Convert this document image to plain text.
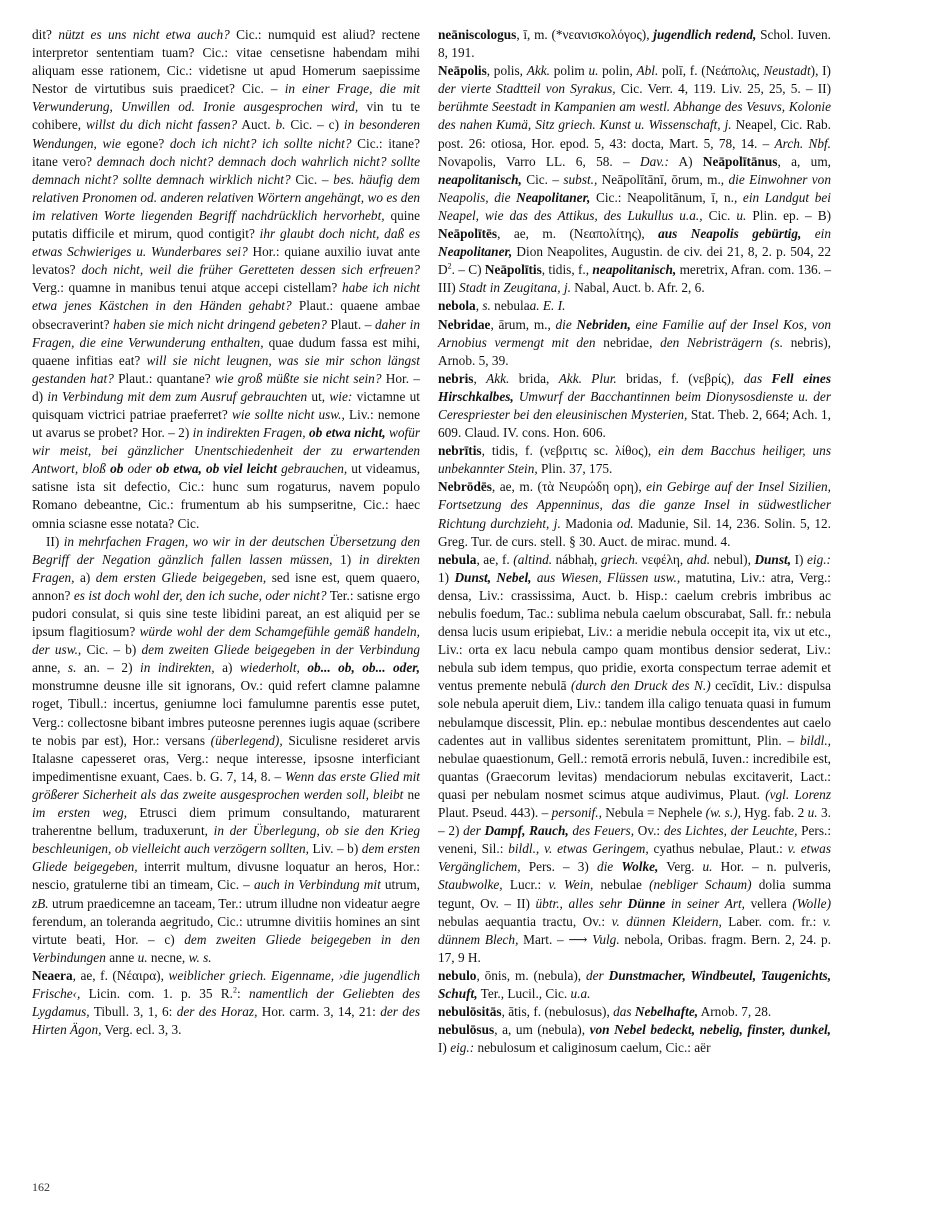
dit? nützt es uns nicht etwa auch? Cic.: numquid est aliud? rectene interpretor sententiam tuam? Cic.: vitae censetisne habendam mihi aliquam esse rationem, Cic.: videtisne ut apud Homerum saepissime Nestor de virtutibus suis praedicet? Cic. – in einer Frage, die mit Verwunderung, Unwillen od. Ironie ausgesprochen wird, vin tu te cohibere, willst du dich nicht fassen? Auct. b. Cic. – c) in besonderen Wendungen, wie egone? doch ich nicht? ich sollte nicht? Cic.: itane? itane vero? demnach doch nicht? demnach doch wahrlich nicht? sollte demnach nicht? sollte demnach wirklich nicht? Cic. – bes. häufig dem relativen Pronomen od. anderen relativen Wörtern angehängt, wo es den im relativen Worte liegenden Begriff nachdrücklich hervorhebt, quine putatis difficile et mirum, quod contigit? ihr glaubt doch nicht, daß es etwas Schwieriges u. Wunderbares sei? Hor.: quiane auxilio iuvat ante levatos? doch nicht, weil die früher Geretteten dessen sich erfreuen? Verg.: quamne in manibus tenui atque accepi cistellam? habe ich nicht etwa jenes Kästchen in den Händen gehabt? Plaut.: quaene ambae obsecraverint? haben sie mich nicht dringend gebeten? Plaut. – daher in Fragen, die eine Verwunderung enthalten, quae dudum fassa est mihi, quaene infitias eat? will sie nicht leugnen, was sie mir schon längst gestanden hat? Plaut.: quantane? wie groß müßte sie nicht sein? Hor. – d) in Verbindung mit dem zum Ausruf gebrauchten ut, wie: victamne ut quisquam victrici patriae praeferret? wie sollte nicht usw., Liv.: nemone ut avarus se probet? Hor. – 2) in indirekten Fragen, ob etwa nicht, wofür wir meist, bei gänzlicher Unentschiedenheit der zu erwartenden Antwort, bloß ob oder ob etwa, ob viel leicht gebrauchen, ut videamus, satisne ista sit defectio, Cic.: hunc sum rogaturus, navem populo Romano debeantne, Cic.: frumentum ab his sumpseritne, Cic.: haec omnia sciasne esse notata? Cic.

II) in mehrfachen Fragen, wo wir in der deutschen Übersetzung den Begriff der Negation gänzlich fallen lassen müssen, 1) in direkten Fragen, a) dem ersten Gliede beigegeben, sed isne est, quem quaero, annon? es ist doch wohl der, den ich suche, oder nicht? Ter.: satisne ergo pudori consulat, si quis sine teste libidini pareat, an est aliquid per se ipsum flagitiosum? würde wohl der dem Schamgefühle gemäß handeln, der usw., Cic. – b) dem zweiten Gliede beigegeben in der Verbindung anne, s. an. – 2) in indirekten, a) wiederholt, ob... ob, ob... oder, monstrumne deusne ille sit ignorans, Ov.: quid refert clamne palamne roget, Tibull.: incertus, geniumne loci famulumne parentis esse putet, Verg.: collectosne bibant imbres puteosne perennes iugis aquae (scribere te nobis par est), Hor.: versans (überlegend), Siculisne resideret arvis Italasne capesseret oras, Verg.: neque interesse, ipsosne interficiant impedimentisne exuant, Caes. b. G. 7, 14, 8. – Wenn das erste Glied mit größerer Sicherheit als das zweite ausgesprochen werden soll, bleibt ne im ersten weg, Etrusci diem primum consultando, maturarent traherentne bellum, traduxerunt, in der Überlegung, ob sie den Krieg beschleunigen, ob vielleicht auch verzögern sollten, Liv. – b) dem ersten Gliede beigegeben, interrit multum, divusne loquatur an heros, Hor.: nescio, gratulerne tibi an timeam, Cic. – auch in Verbindung mit utrum, zB. utrum praedicemne an taceam, Ter.: utrum illudne non videatur aegre ferendum, an toleranda aegritudo, Cic.: utrumne divitiis homines an sint virtute beati, Hor. – c) dem zweiten Gliede beigegeben in den Verbindungen anne u. necne, w. s.

Neaera, ae, f. (Νέαιρα), weiblicher griech. Eigenname, ›die jugendlich Frische‹, Licin. com. 1. p. 35 R.$^2$: namentlich der Geliebten des Lygdamus, Tibull. 3, 1, 6: der des Horaz, Hor. carm. 3, 14, 21: der des Hirten Ägon, Verg. ecl. 3, 3.

neāniscologus, ī, m. (*νεανισκολόγος), jugendlich redend, Schol. Iuven. 8, 191.

Neāpolis, polis, Akk. polim u. polin, Abl. polī, f. (Νεάπολις, Neustadt), I) der vierte Stadtteil von Syrakus, Cic. Verr. 4, 119. Liv. 25, 25, 5. – II) berühmte Seestadt in Kampanien am westl. Abhange des Vesuvs, Kolonie des nahen Kumä, Sitz griech. Kunst u. Wissenschaft, j. Neapel, Cic. Rab. post. 26: otiosa, Hor. epod. 5, 43: docta, Mart. 5, 78, 14. – Arch. Nbf. Novapolis, Varro LL. 6, 58. – Dav.: A) Neāpolītānus, a, um, neapolitanisch, Cic. – subst., Neāpolītānī, ōrum, m., die Einwohner von Neapolis, die Neapolitaner, Cic.: Neapolitānum, ī, n., ein Landgut bei Neapel, wie das des Attikus, des Lukullus u.a., Cic. u. Plin. ep. – B) Neāpolītēs, ae, m. (Νεαπολίτης), aus Neapolis gebürtig, ein Neapolitaner, Dion Neapolites, Augustin. de civ. dei 21, 8, 2. p. 504, 22 $D^2$. – C) Neāpolītis, tidis, f., neapolitanisch, meretrix, Afran. com. 136. – III) Stadt in Zeugitana, j. Nabal, Auct. b. Afr. 2, 6.

nebola, s. nebulaa. E. I.

Nebridae, ārum, m., die Nebriden, eine Familie auf der Insel Kos, von Arnobius vermengt mit den nebridae, den Nebristrägern (s. nebris), Arnob. 5, 39.

nebris, Akk. brida, Akk. Plur. bridas, f. (νεβρίς), das Fell eines Hirschkalbes, Umwurf der Bacchantinnen beim Dionysosdienste u. der Cerespriester bei den eleusinischen Mysterien, Stat. Theb. 2, 664; Ach. 1, 609. Claud. IV. cons. Hon. 606.

nebrītis, tidis, f. (νεβριτις sc. λίθος), ein dem Bacchus heiliger, uns unbekannter Stein, Plin. 37, 175.

Nebrōdēs, ae, m. (τὰ Νευρώδη ορη), ein Gebirge auf der Insel Sizilien, Fortsetzung des Appenninus, das die ganze Insel in südwestlicher Richtung durchzieht, j. Madonia od. Madunie, Sil. 14, 236. Solin. 5, 12. Greg. Tur. de curs. stell. § 30. Auct. de mirac. mund. 4.

nebula, ae, f. (altind. nábhaḥ, griech. νεφέλη, ahd. nebul), Dunst, I) eig.: 1) Dunst, Nebel, aus Wiesen, Flüssen usw., matutina, Liv.: atra, Verg.: densa, Liv.: crassissima, Auct. b. Hisp.: caelum crebris imbribus ac nebulis foedum, Tac.: sublima nebula caelum obscurabat, Sall. fr.: nebula densa lucis usum eripiebat, Liv.: a meridie nebula occepit ita, vix ut etc., Liv.: orta ex lacu nebula campo quam montibus densior sederat, Liv.: nebula sub idem tempus, quo pridie, exorta conspectum terrae ademit et ventus premente nebulā (durch den Druck des N.) cecīdit, Liv.: dispulsa sole nebula aperuit diem, Liv.: tandem illa caligo tenuata quasi in fumum nebulamque discessit, Plin. ep.: nebulae montibus descendentes aut caelo cadentes aut in vallibus sidentes serenitatem promittunt, Plin. – bildl., nebulae quaestionum, Gell.: remotā erroris nebulā, Iuven.: incredibile est, quantas (Graecorum levitas) mendaciorum nebulas excitaverit, Lact.: quasi per nebulam nosmet scimus atque audivimus, Plaut. (vgl. Lorenz Plaut. Pseud. 443). – personif., Nebula = Nephele (w. s.), Hyg. fab. 2 u. 3. – 2) der Dampf, Rauch, des Feuers, Ov.: des Lichtes, der Leuchte, Pers.: veneni, Sil.: bildl., v. etwas Geringem, cyathus nebulae, Plaut.: v. etwas Vergänglichem, Pers. – 3) die Wolke, Verg. u. Hor. – n. pulveris, Staubwolke, Lucr.: v. Wein, nebulae (nebliger Schaum) dolia summa tegunt, Ov. – II) übtr., alles sehr Dünne in seiner Art, vellera (Wolle) nebulas aequantia tractu, Ov.: v. dünnen Kleidern, Laber. com. fr.: v. dünnem Blech, Mart. – ⟶ Vulg. nebola, Oribas. fragm. Bern. 2, 24. p. 17, 9 H.

nebulo, ōnis, m. (nebula), der Dunstmacher, Windbeutel, Taugenichts, Schuft, Ter., Lucil., Cic. u.a.

nebulōsitās, ātis, f. (nebulosus), das Nebelhafte, Arnob. 7, 28.

nebulōsus, a, um (nebula), von Nebel bedeckt, nebelig, finster, dunkel, I) eig.: nebulosum et caliginosum caelum, Cic.: aër

162
